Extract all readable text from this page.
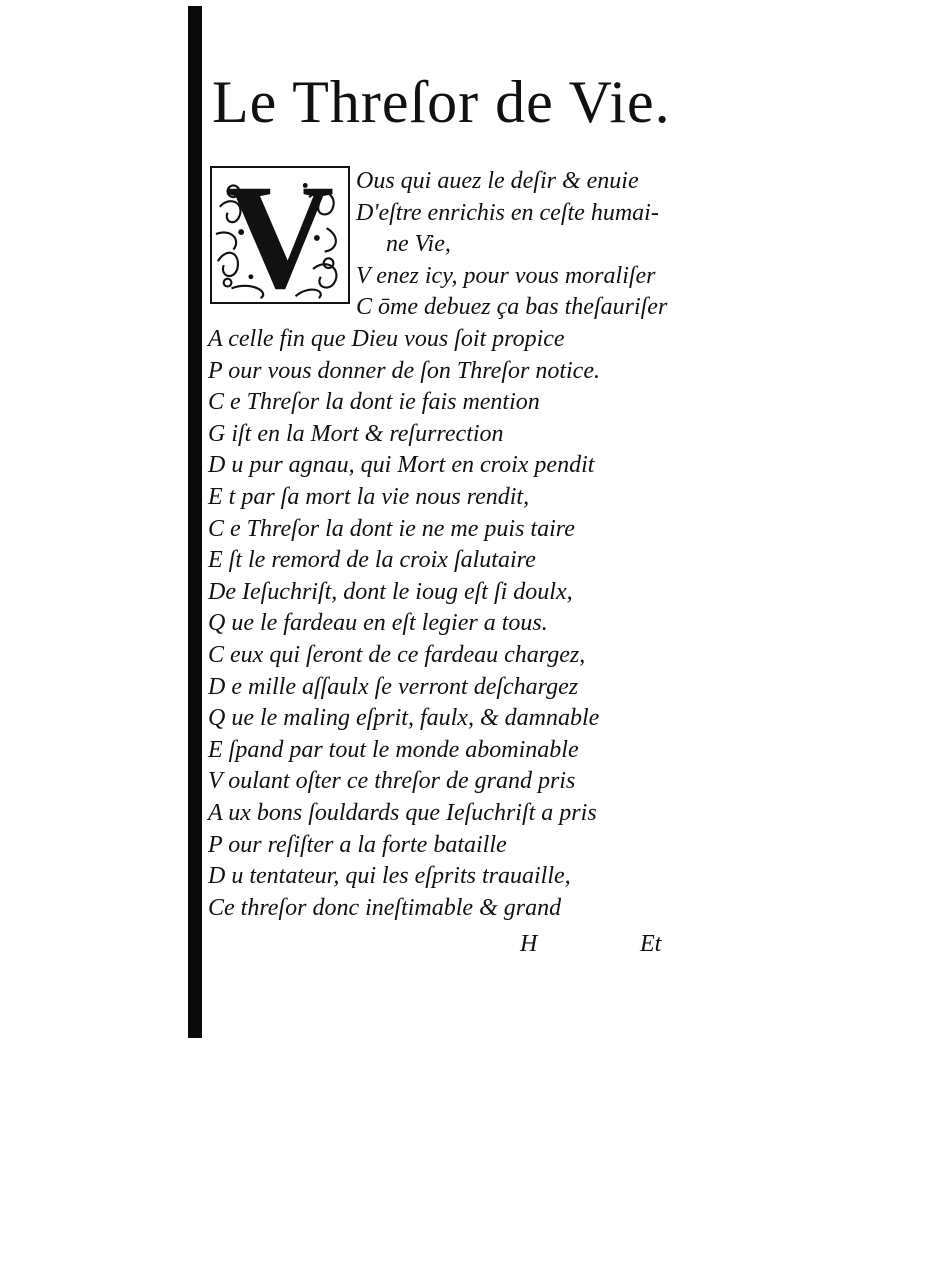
Le Threſor de Vie.
V Ous qui auez le deſir & enuie
D'eſtre enrichis en ceſte humai-
ne Vie,
V enez icy, pour vous moraliſer
C ōme debuez ça bas theſauriſer
A celle fin que Dieu vous ſoit propice
P our vous donner de ſon Threſor notice.
C e Threſor la dont ie fais mention
G iſt en la Mort & reſurrection
D u pur agnau, qui Mort en croix pendit
E t par ſa mort la vie nous rendit,
C e Threſor la dont ie ne me puis taire
E ſt le remord de la croix ſalutaire
De Ieſuchriſt, dont le ioug eſt ſi doulx,
Q ue le fardeau en eſt legier a tous.
C eux qui ſeront de ce fardeau chargez,
D e mille aſſaulx ſe verront deſchargez
Q ue le maling eſprit, faulx, & damnable
E ſpand par tout le monde abominable
V oulant oſter ce threſor de grand pris
A ux bons ſouldards que Ieſuchriſt a pris
P our reſiſter a la forte bataille
D u tentateur, qui les eſprits trauaille,
Ce threſor donc ineſtimable & grand
H	Et
